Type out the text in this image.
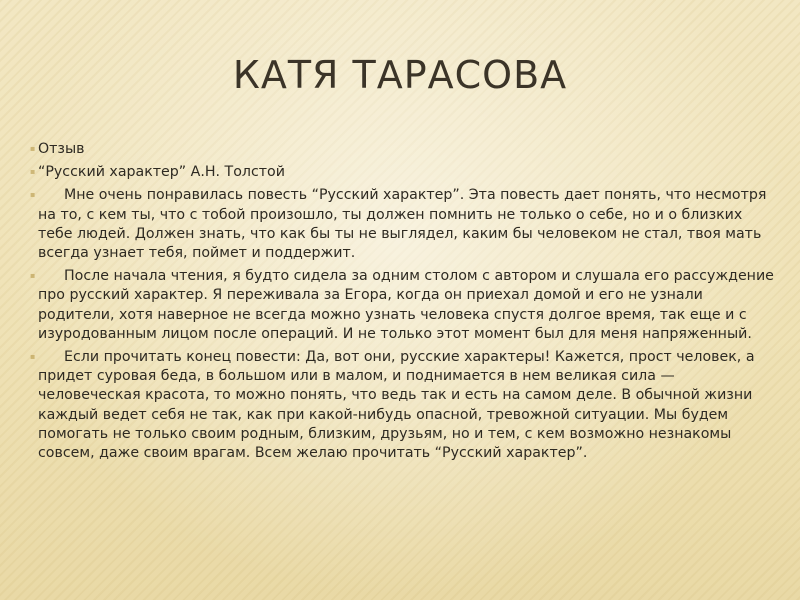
КАТЯ ТАРАСОВА
▪
Отзыв
▪
“Русский характер” А.Н. Толстой
▪
Мне очень понравилась повесть “Русский характер”. Эта повесть дает понять, что несмотря на то, с кем ты, что с тобой произошло, ты должен помнить не только о себе, но и о близких тебе людей. Должен знать, что как бы ты не выглядел, каким бы человеком не стал, твоя мать всегда узнает тебя, поймет и поддержит.
▪
После начала чтения, я будто сидела за одним столом с автором и слушала его рассуждение про русский характер. Я переживала за Егора, когда он приехал домой и его не узнали родители, хотя наверное не всегда можно узнать человека спустя долгое время, так еще и с изуродованным лицом после операций. И не только этот момент был для меня напряженный.
▪
Если прочитать конец повести: Да, вот они, русские характеры! Кажется, прост человек, а придет суровая беда, в большом или в малом, и поднимается в нем великая сила — человеческая красота, то можно понять, что ведь так и есть на самом деле. В обычной жизни каждый ведет себя не так, как при какой-нибудь опасной, тревожной ситуации. Мы будем помогать не только своим родным, близким, друзьям, но и тем, с кем возможно незнакомы совсем, даже своим врагам. Всем желаю прочитать “Русский характер”.
